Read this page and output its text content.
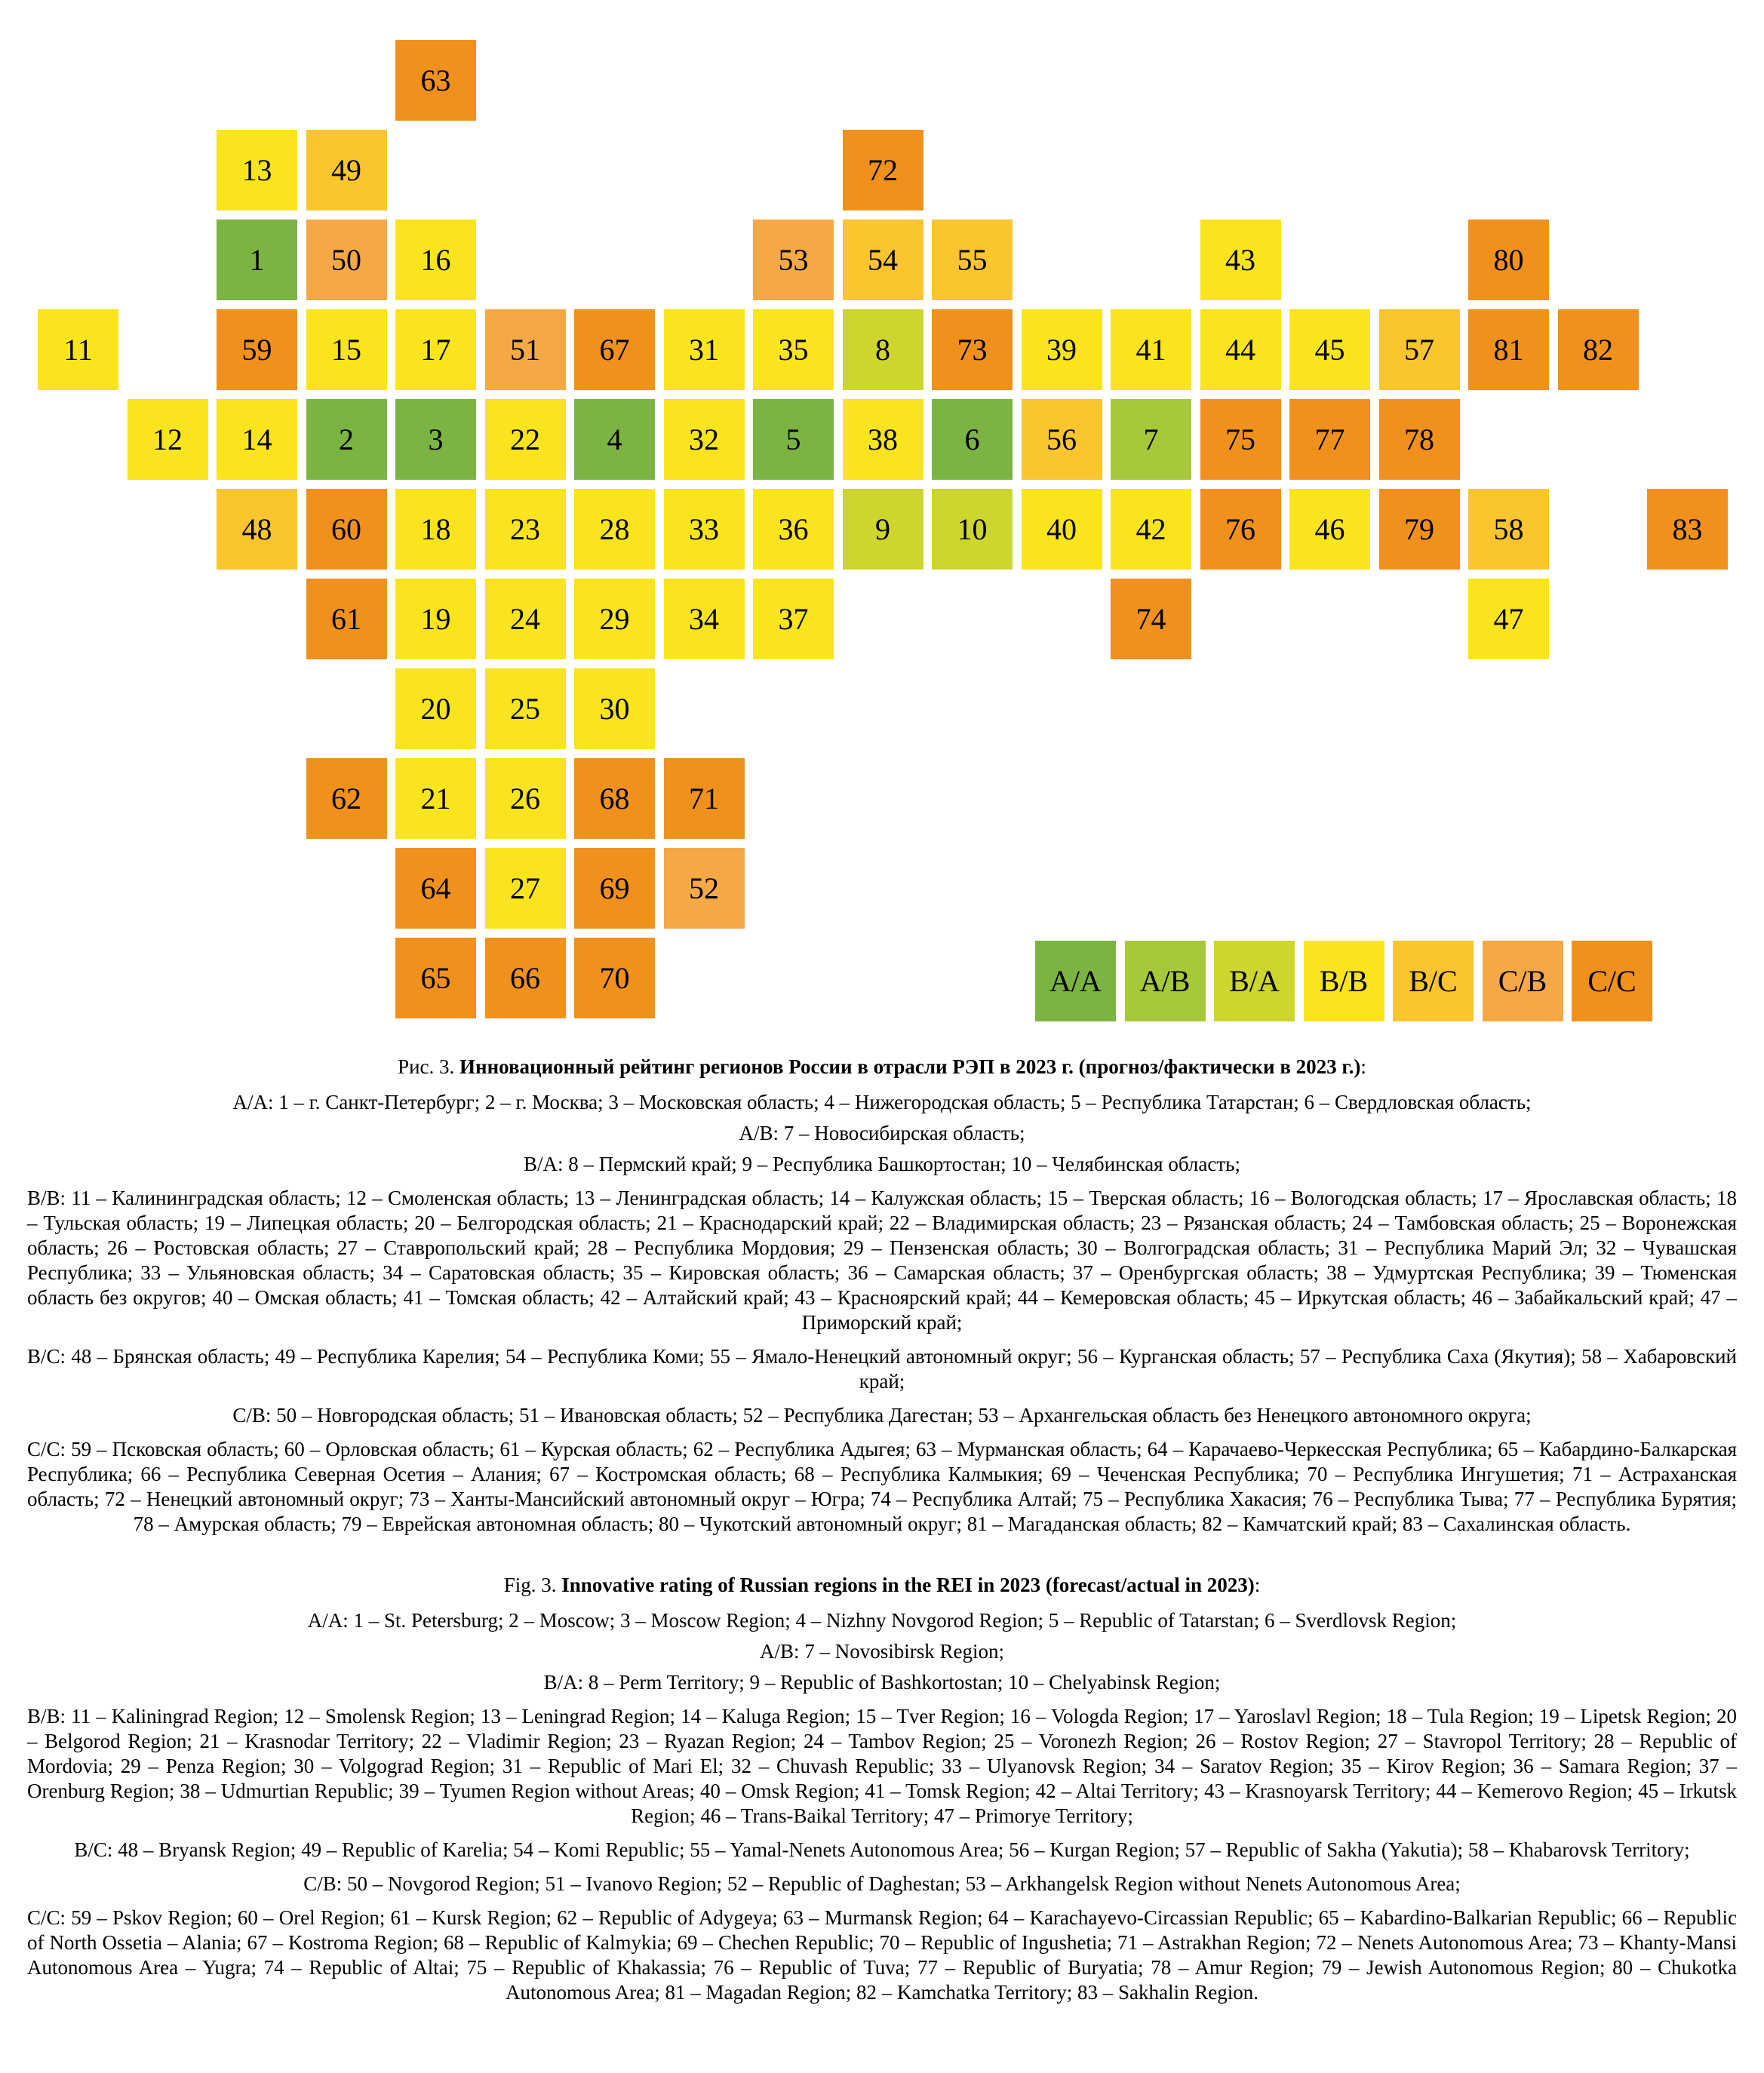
63
13	49	72
1	50	16	53	54	55	43	80
11	59	15	17	51	67	31	35	8	73	39	41	44	45	57	81	82
12	14	2	3	22	4	32	5	38	6	56	7	75	77	78
48	60	18	23	28	33	36	9	10	40	42	76	46	79	58	83
61	19	24	29	34	37	74	47
20	25	30
62	21	26	68	71
64	27	69	52
65	66	70	A/A	A/B	B/A	B/B	B/C	C/B	C/C

Рис. 3. Инновационный рейтинг регионов России в отрасли РЭП в 2023 г. (прогноз/фактически в 2023 г.):

А/А: 1 – г. Санкт-Петербург; 2 – г. Москва; 3 – Московская область; 4 – Нижегородская область; 5 – Республика Татарстан; 6 – Свердловская область;

А/В: 7 – Новосибирская область;

В/А: 8 – Пермский край; 9 – Республика Башкортостан; 10 – Челябинская область;

В/В: 11 – Калининградская область; 12 – Смоленская область; 13 – Ленинградская область; 14 – Калужская область; 15 – Тверская область; 16 – Вологодская область; 17 – Ярославская область; 18 – Тульская область; 19 – Липецкая область; 20 – Белгородская область; 21 – Краснодарский край; 22 – Владимирская область; 23 – Рязанская область; 24 – Тамбовская область; 25 – Воронежская область; 26 – Ростовская область; 27 – Ставропольский край; 28 – Республика Мордовия; 29 – Пензенская область; 30 – Волгоградская область; 31 – Республика Марий Эл; 32 – Чувашская Республика; 33 – Ульяновская область; 34 – Саратовская область; 35 – Кировская область; 36 – Самарская область; 37 – Оренбургская область; 38 – Удмуртская Республика; 39 – Тюменская область без округов; 40 – Омская область; 41 – Томская область; 42 – Алтайский край; 43 – Красноярский край; 44 – Кемеровская область; 45 – Иркутская область; 46 – Забайкальский край; 47 – Приморский край;

В/С: 48 – Брянская область; 49 – Республика Карелия; 54 – Республика Коми; 55 – Ямало-Ненецкий автономный округ; 56 – Курганская область; 57 – Республика Саха (Якутия); 58 – Хабаровский край;

С/В: 50 – Новгородская область; 51 – Ивановская область; 52 – Республика Дагестан; 53 – Архангельская область без Ненецкого автономного округа;

С/С: 59 – Псковская область; 60 – Орловская область; 61 – Курская область; 62 – Республика Адыгея; 63 – Мурманская область; 64 – Карачаево-Черкесская Республика; 65 – Кабардино-Балкарская Республика; 66 – Республика Северная Осетия – Алания; 67 – Костромская область; 68 – Республика Калмыкия; 69 – Чеченская Республика; 70 – Республика Ингушетия; 71 – Астраханская область; 72 – Ненецкий автономный округ; 73 – Ханты-Мансийский автономный округ – Югра; 74 – Республика Алтай; 75 – Республика Хакасия; 76 – Республика Тыва; 77 – Республика Бурятия; 78 – Амурская область; 79 – Еврейская автономная область; 80 – Чукотский автономный округ; 81 – Магаданская область; 82 – Камчатский край; 83 – Сахалинская область.

Fig. 3. Innovative rating of Russian regions in the REI in 2023 (forecast/actual in 2023):

A/A: 1 – St. Petersburg; 2 – Moscow; 3 – Moscow Region; 4 – Nizhny Novgorod Region; 5 – Republic of Tatarstan; 6 – Sverdlovsk Region;

A/B: 7 – Novosibirsk Region;

B/A: 8 – Perm Territory; 9 – Republic of Bashkortostan; 10 – Chelyabinsk Region;

B/B: 11 – Kaliningrad Region; 12 – Smolensk Region; 13 – Leningrad Region; 14 – Kaluga Region; 15 – Tver Region; 16 – Vologda Region; 17 – Yaroslavl Region; 18 – Tula Region; 19 – Lipetsk Region; 20 – Belgorod Region; 21 – Krasnodar Territory; 22 – Vladimir Region; 23 – Ryazan Region; 24 – Tambov Region; 25 – Voronezh Region; 26 – Rostov Region; 27 – Stavropol Territory; 28 – Republic of Mordovia; 29 – Penza Region; 30 – Volgograd Region; 31 – Republic of Mari El; 32 – Chuvash Republic; 33 – Ulyanovsk Region; 34 – Saratov Region; 35 – Kirov Region; 36 – Samara Region; 37 – Orenburg Region; 38 – Udmurtian Republic; 39 – Tyumen Region without Areas; 40 – Omsk Region; 41 – Tomsk Region; 42 – Altai Territory; 43 – Krasnoyarsk Territory; 44 – Kemerovo Region; 45 – Irkutsk Region; 46 – Trans-Baikal Territory; 47 – Primorye Territory;

B/C: 48 – Bryansk Region; 49 – Republic of Karelia; 54 – Komi Republic; 55 – Yamal-Nenets Autonomous Area; 56 – Kurgan Region; 57 – Republic of Sakha (Yakutia); 58 – Khabarovsk Territory;

C/B: 50 – Novgorod Region; 51 – Ivanovo Region; 52 – Republic of Daghestan; 53 – Arkhangelsk Region without Nenets Autonomous Area;

C/C: 59 – Pskov Region; 60 – Orel Region; 61 – Kursk Region; 62 – Republic of Adygeya; 63 – Murmansk Region; 64 – Karachayevo-Circassian Republic; 65 – Kabardino-Balkarian Republic; 66 – Republic of North Ossetia – Alania; 67 – Kostroma Region; 68 – Republic of Kalmykia; 69 – Chechen Republic; 70 – Republic of Ingushetia; 71 – Astrakhan Region; 72 – Nenets Autonomous Area; 73 – Khanty-Mansi Autonomous Area – Yugra; 74 – Republic of Altai; 75 – Republic of Khakassia; 76 – Republic of Tuva; 77 – Republic of Buryatia; 78 – Amur Region; 79 – Jewish Autonomous Region; 80 – Chukotka Autonomous Area; 81 – Magadan Region; 82 – Kamchatka Territory; 83 – Sakhalin Region.
